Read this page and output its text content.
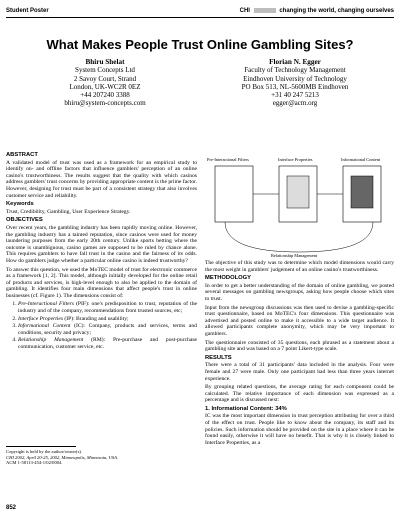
Student Poster	CHI	changing the world, changing ourselves
What Makes People Trust Online Gambling Sites?
Bhiru Shelat
System Concepts Ltd
2 Savoy Court, Strand
London, UK-WC2R 0EZ
+44 207240 3388
bhiru@system-concepts.com
Florian N. Egger
Faculty of Technology Management
Eindhoven University of Technology
PO Box 513, NL-5600MB Eindhoven
+31 40 247 5213
egger@acm.org
ABSTRACT

A validated model of trust was used as a framework for an empirical study to identify on- and offline factors that influence gamblers' perception of an online casino's trustworthiness. The results suggest that the quality with which casinos address gamblers' trust concerns by providing appropriate content is the prime factor. However, designing for trust must be part of a consistent strategy that also involves customer service and reliability.

Keywords

Trust, Credibility, Gambling, User Experience Strategy.

OBJECTIVES

Over recent years, the gambling industry has been rapidly moving online. However, the gambling industry has a tainted reputation, since casinos were used for money laundering purposes from the early 20th century. Unlike sports betting where the outcome is unambiguous, casino games are supposed to be ruled by chance alone. This requires gamblers to have fall trust in the casino and the fairness of its odds. How do gamblers judge whether a particular online casino is indeed trustworthy?

To answer this question, we used the MoTEC model of trust for electronic commerce as a framework [1, 2]. This model, although initially developed for the online retail of products and services, is high-level enough to also be applied to the domain of gambling. It identifies four main dimensions that affect people's trust in online businesses (cf. Figure 1). The dimensions consist of:

1. Pre-Interactional Filters (PIF): one's predisposition to trust, reputation of the industry and of the company, recommendations from trusted sources, etc;
2. Interface Properties (IP): Branding and usability;
3. Informational Content (IC): Company, products and services, terms and conditions, security and privacy;
4. Relationship Management (RM): Pre-purchase and post-purchase communication, customer service, etc.
Copyright is held by the author/owner(s).
CHI 2002, April 20-25, 2002, Minneapolis, Minnesota, USA.
ACM 1-58113-454-1/02/0004.
852
Pre-Interactional Filters	Interface Properties	Informational Content
Relationship Management

The objective of this study was to determine which model dimensions would carry the most weight in gamblers' judgement of an online casino's trustworthiness.

METHODOLOGY

In order to get a better understanding of the domain of online gambling, we posted several messages on gambling newsgroups, asking how people choose which sites to trust.

Input from the newsgroup discussions was then used to devise a gambling-specific trust questionnaire, based on MoTEC's four dimensions. This questionnaire was advertised and posted online to make it accessible to a wide target audience. It allowed participants complete anonymity, which may be very important to gamblers.

The questionnaire consisted of 35 questions, each phrased as a statement about a gambling site and was based on a 7 point Likert-type scale.

RESULTS

There were a total of 31 participants' data included in the analysis. Four were female and 27 were male. Only one participant had less than three years internet experience.

By grouping related questions, the average rating for each component could be calculated. The relative importance of each dimension was expressed as a percentage and is discussed next:

1. Informational Content: 34%

IC was the most important dimension in trust perception attributing for over a third of the effect on trust. People like to know about the company, its staff and its policies. Such information should be provided on the site in a place where it can be found easily, otherwise it will have no benefit. That is why it is closely linked to Interface Properties, as a
